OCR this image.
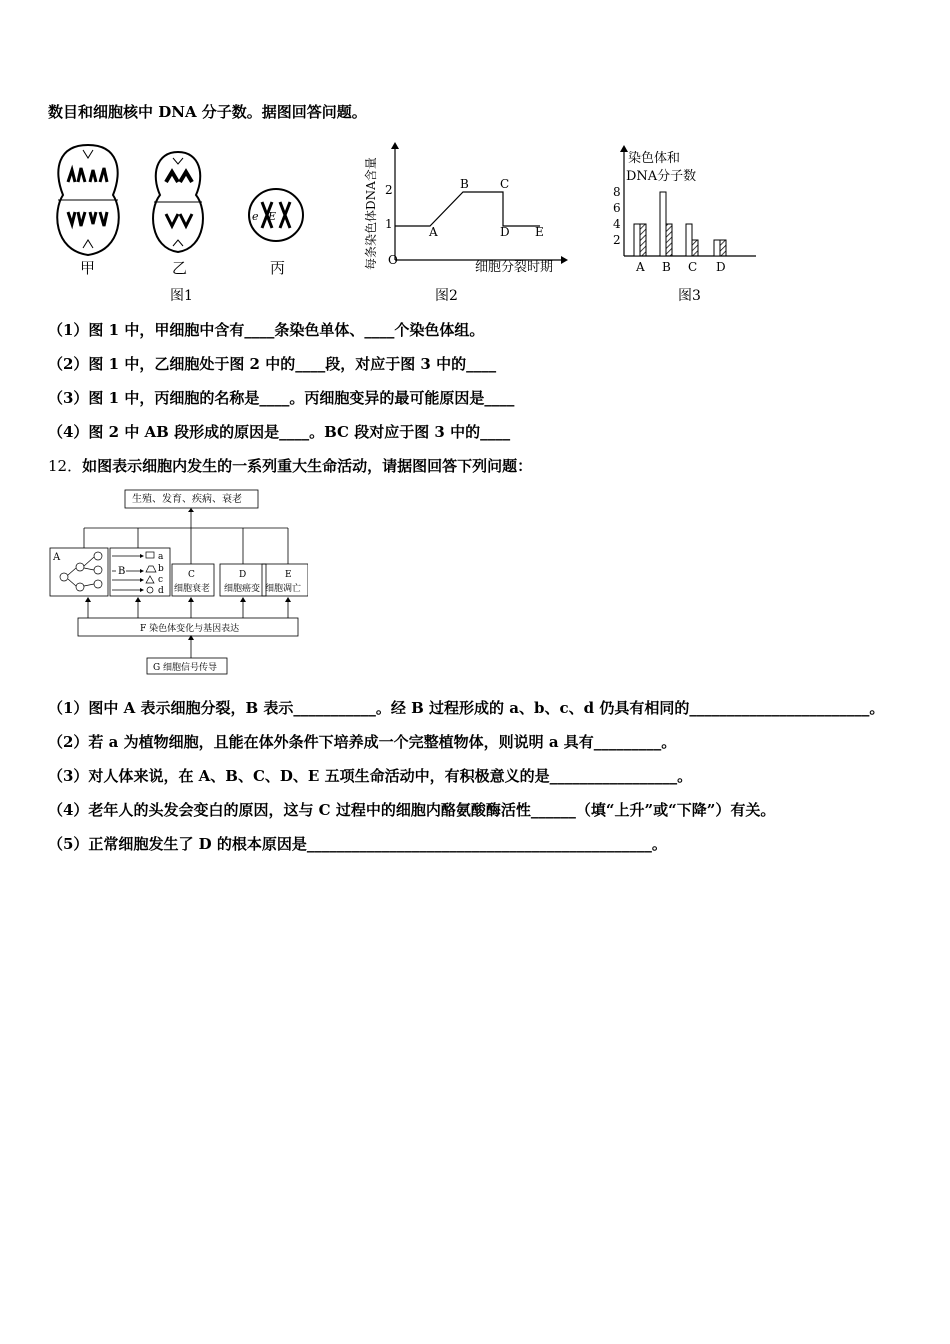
数目和细胞核中 DNA 分子数。据图回答问题。
甲	乙
e E
丙
图1
每条染色体DNA含量 O
1
2
A
B	C
D E
细胞分裂时期
图2
染色体和
DNA分子数
2
4
6
8
A B C D
图3
（1）图 1 中，甲细胞中含有____条染色单体、____个染色体组。
（2）图 1 中，乙细胞处于图 2 中的____段，对应于图 3 中的____
（3）图 1 中，丙细胞的名称是____。丙细胞变异的最可能原因是____
（4）图 2 中 AB 段形成的原因是____。BC 段对应于图 3 中的____
12．如图表示细胞内发生的一系列重大生命活动，请据图回答下列问题：
生殖、发育、疾病、衰老
A
B
a
b
c
d
C
细胞衰老
D
细胞癌变
E
细胞凋亡
F 染色体变化与基因表达
G 细胞信号传导
（1）图中 A 表示细胞分裂，B 表示___________。经 B 过程形成的 a、b、c、d 仍具有相同的________________________。
（2）若 a 为植物细胞，且能在体外条件下培养成一个完整植物体，则说明 a 具有_________。
（3）对人体来说，在 A、B、C、D、E 五项生命活动中，有积极意义的是_________________。
（4）老年人的头发会变白的原因，这与 C 过程中的细胞内酪氨酸酶活性______（填“上升”或“下降”）有关。
（5）正常细胞发生了 D 的根本原因是______________________________________________。
